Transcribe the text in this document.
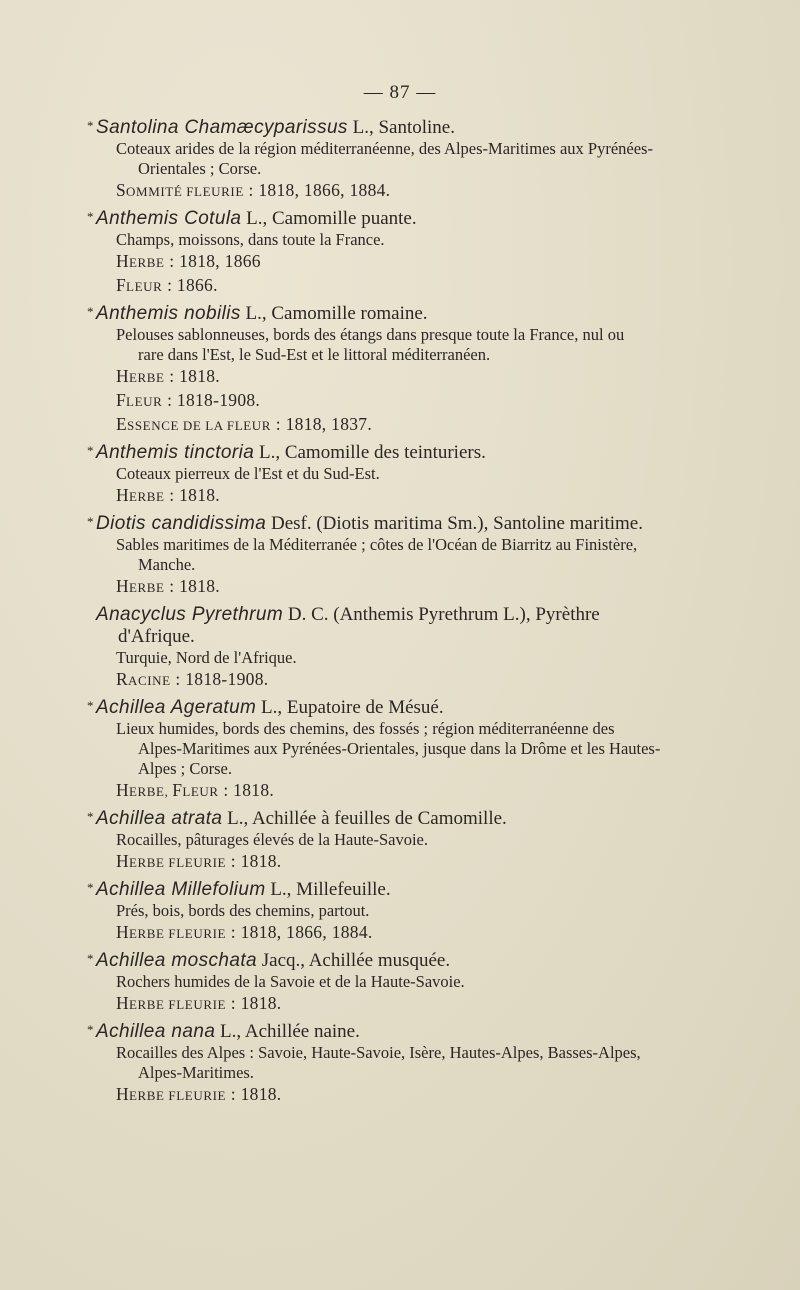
— 87 —
* Santolina Chamæcyparissus L., Santoline.
Coteaux arides de la région méditerranéenne, des Alpes-Maritimes aux Pyrénées-
Orientales ; Corse.
SOMMITÉ FLEURIE : 1818, 1866, 1884.
* Anthemis Cotula L., Camomille puante.
Champs, moissons, dans toute la France.
HERBE : 1818, 1866
FLEUR : 1866.
* Anthemis nobilis L., Camomille romaine.
Pelouses sablonneuses, bords des étangs dans presque toute la France, nul ou
rare dans l'Est, le Sud-Est et le littoral méditerranéen.
HERBE : 1818.
FLEUR : 1818-1908.
ESSENCE DE LA FLEUR : 1818, 1837.
* Anthemis tinctoria L., Camomille des teinturiers.
Coteaux pierreux de l'Est et du Sud-Est.
HERBE : 1818.
* Diotis candidissima Desf. (Diotis maritima Sm.), Santoline maritime.
Sables maritimes de la Méditerranée ; côtes de l'Océan de Biarritz au Finistère,
Manche.
HERBE : 1818.
Anacyclus Pyrethrum D. C. (Anthemis Pyrethrum L.), Pyrèthre
d'Afrique.
Turquie, Nord de l'Afrique.
RACINE : 1818-1908.
* Achillea Ageratum L., Eupatoire de Mésué.
Lieux humides, bords des chemins, des fossés ; région méditerranéenne des
Alpes-Maritimes aux Pyrénées-Orientales, jusque dans la Drôme et les Hautes-
Alpes ; Corse.
HERBE, FLEUR : 1818.
* Achillea atrata L., Achillée à feuilles de Camomille.
Rocailles, pâturages élevés de la Haute-Savoie.
HERBE FLEURIE : 1818.
* Achillea Millefolium L., Millefeuille.
Prés, bois, bords des chemins, partout.
HERBE FLEURIE : 1818, 1866, 1884.
* Achillea moschata Jacq., Achillée musquée.
Rochers humides de la Savoie et de la Haute-Savoie.
HERBE FLEURIE : 1818.
* Achillea nana L., Achillée naine.
Rocailles des Alpes : Savoie, Haute-Savoie, Isère, Hautes-Alpes, Basses-Alpes,
Alpes-Maritimes.
HERBE FLEURIE : 1818.
